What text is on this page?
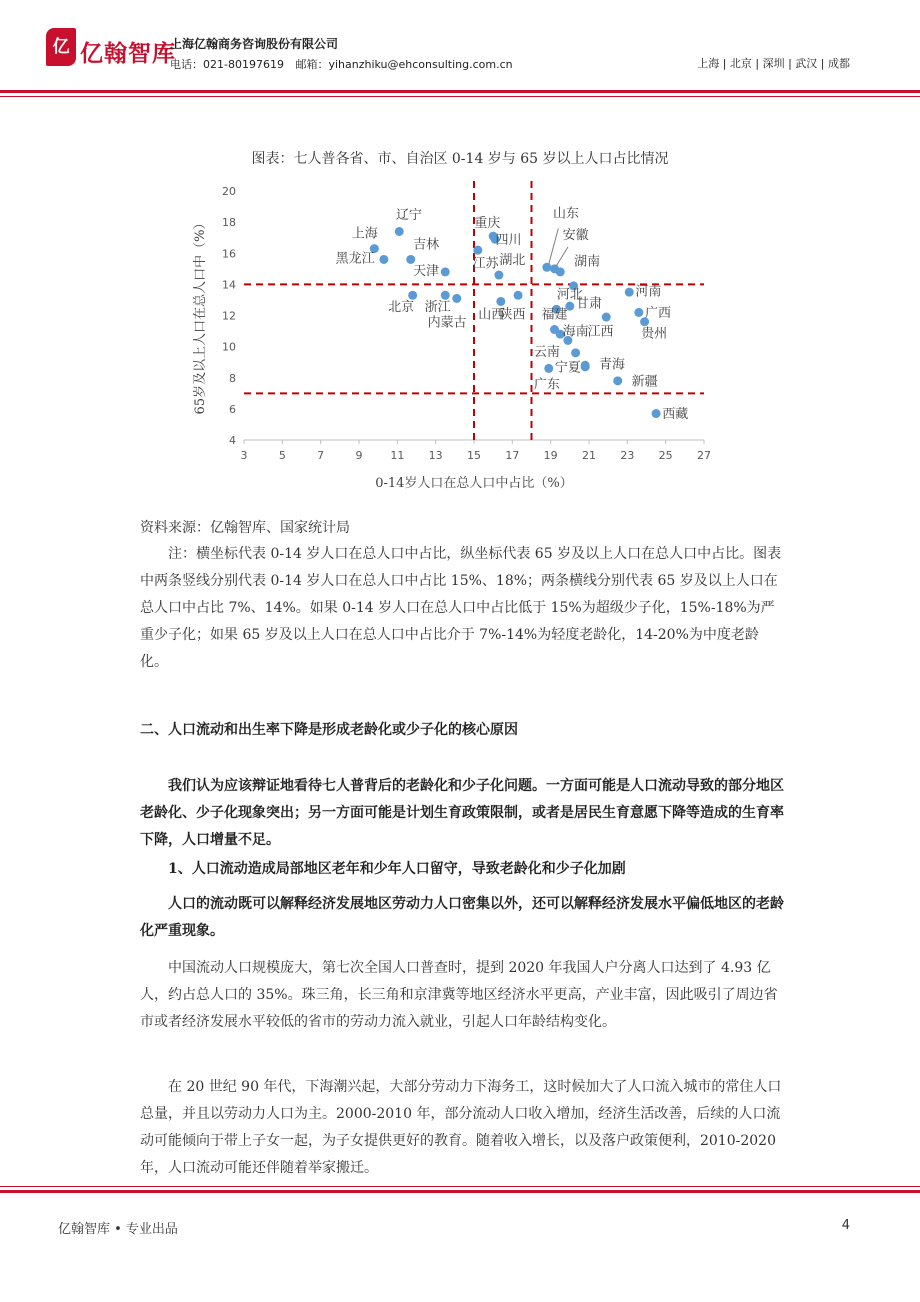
亿 亿翰智库
上海亿翰商务咨询股份有限公司
电话：021-80197619 邮箱：yihanzhiku@ehconsulting.com.cn	上海 | 北京 | 深圳 | 武汉 | 成都
图表：七人普各省、市、自治区 0-14 岁与 65 岁以上人口占比情况
3	5	7	9	11 13 15 17 19 21 23 25 27
4
6
8
10
12
14
16
18
20
辽宁
上海
吉林
黑龙江
天津
北京 浙江
内蒙古
重庆
四川
江苏 湖北
山西
陕西
山东
安徽
湖南
河北
福建
甘肃
海南
江西
河南
广西
贵州
云南
宁夏
广东
青海
新疆
西藏
0-14岁人口在总人口中占比（%）
65岁及以上人口在总人口中（%）

资料来源：亿翰智库、国家统计局

注：横坐标代表 0-14 岁人口在总人口中占比，纵坐标代表 65 岁及以上人口在总人口中占比。图表中两条竖线分别代表 0-14 岁人口在总人口中占比 15%、18%；两条横线分别代表 65 岁及以上人口在总人口中占比 7%、14%。如果 0-14 岁人口在总人口中占比低于 15%为超级少子化，15%-18%为严重少子化；如果 65 岁及以上人口在总人口中占比介于 7%-14%为轻度老龄化，14-20%为中度老龄化。

二、人口流动和出生率下降是形成老龄化或少子化的核心原因

我们认为应该辩证地看待七人普背后的老龄化和少子化问题。一方面可能是人口流动导致的部分地区老龄化、少子化现象突出；另一方面可能是计划生育政策限制，或者是居民生育意愿下降等造成的生育率下降，人口增量不足。

1、人口流动造成局部地区老年和少年人口留守，导致老龄化和少子化加剧

人口的流动既可以解释经济发展地区劳动力人口密集以外，还可以解释经济发展水平偏低地区的老龄化严重现象。

中国流动人口规模庞大，第七次全国人口普查时，提到 2020 年我国人户分离人口达到了 4.93 亿人，约占总人口的 35%。珠三角，长三角和京津冀等地区经济水平更高，产业丰富，因此吸引了周边省市或者经济发展水平较低的省市的劳动力流入就业，引起人口年龄结构变化。

在 20 世纪 90 年代，下海潮兴起，大部分劳动力下海务工，这时候加大了人口流入城市的常住人口总量，并且以劳动力人口为主。2000-2010 年，部分流动人口收入增加，经济生活改善，后续的人口流动可能倾向于带上子女一起，为子女提供更好的教育。随着收入增长，以及落户政策便利，2010-2020 年，人口流动可能还伴随着举家搬迁。

亿翰智库 • 专业出品	4
